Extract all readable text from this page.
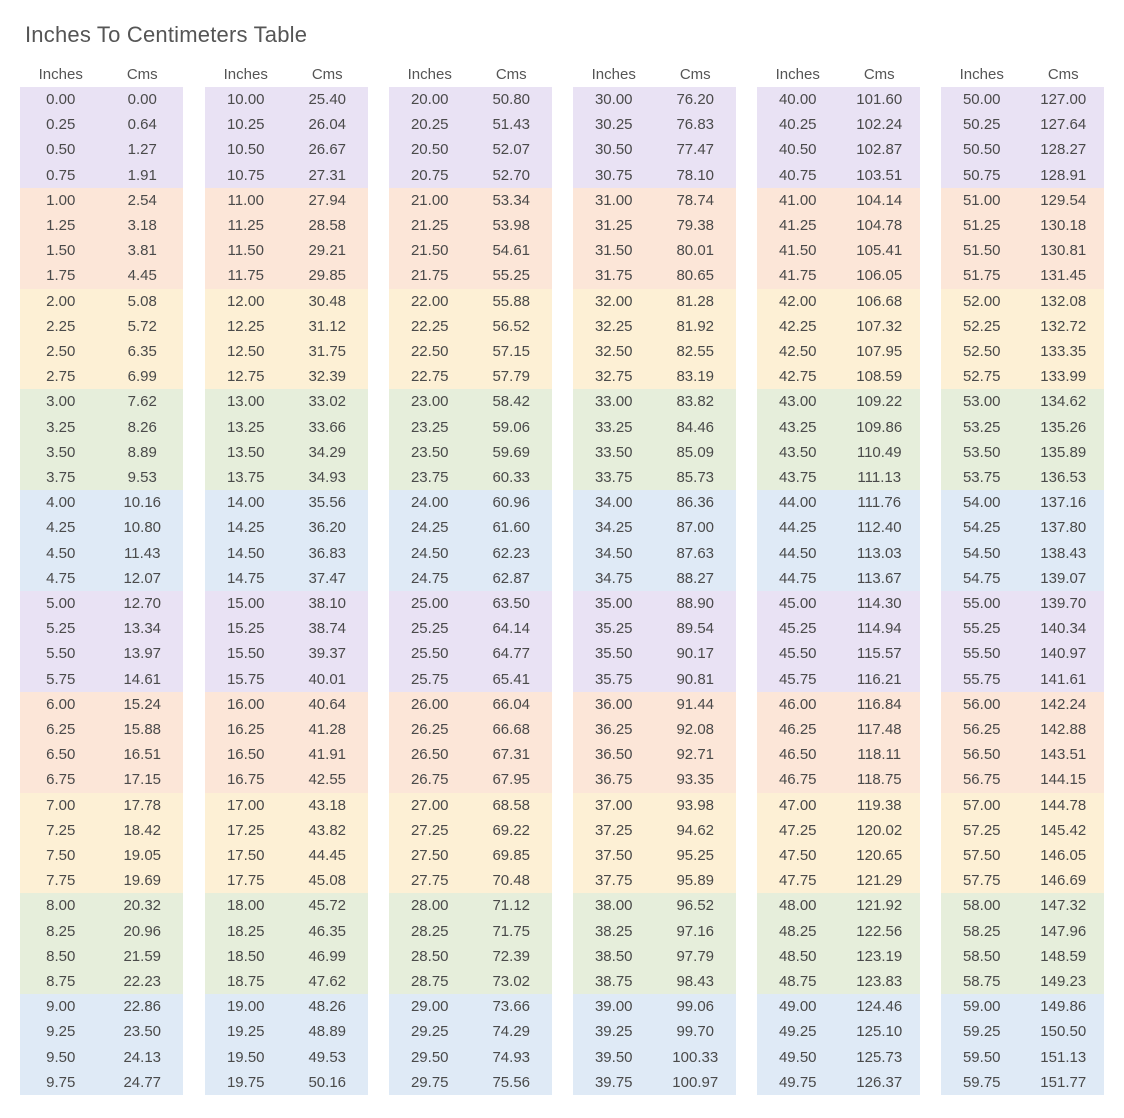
Inches To Centimeters Table
Inches	Cms
0.00	0.00
0.25	0.64
0.50	1.27
0.75	1.91
1.00	2.54
1.25	3.18
1.50	3.81
1.75	4.45
2.00	5.08
2.25	5.72
2.50	6.35
2.75	6.99
3.00	7.62
3.25	8.26
3.50	8.89
3.75	9.53
4.00	10.16
4.25	10.80
4.50	11.43
4.75	12.07
5.00	12.70
5.25	13.34
5.50	13.97
5.75	14.61
6.00	15.24
6.25	15.88
6.50	16.51
6.75	17.15
7.00	17.78
7.25	18.42
7.50	19.05
7.75	19.69
8.00	20.32
8.25	20.96
8.50	21.59
8.75	22.23
9.00	22.86
9.25	23.50
9.50	24.13
9.75	24.77
Inches	Cms
10.00	25.40
10.25	26.04
10.50	26.67
10.75	27.31
11.00	27.94
11.25	28.58
11.50	29.21
11.75	29.85
12.00	30.48
12.25	31.12
12.50	31.75
12.75	32.39
13.00	33.02
13.25	33.66
13.50	34.29
13.75	34.93
14.00	35.56
14.25	36.20
14.50	36.83
14.75	37.47
15.00	38.10
15.25	38.74
15.50	39.37
15.75	40.01
16.00	40.64
16.25	41.28
16.50	41.91
16.75	42.55
17.00	43.18
17.25	43.82
17.50	44.45
17.75	45.08
18.00	45.72
18.25	46.35
18.50	46.99
18.75	47.62
19.00	48.26
19.25	48.89
19.50	49.53
19.75	50.16
Inches	Cms
20.00	50.80
20.25	51.43
20.50	52.07
20.75	52.70
21.00	53.34
21.25	53.98
21.50	54.61
21.75	55.25
22.00	55.88
22.25	56.52
22.50	57.15
22.75	57.79
23.00	58.42
23.25	59.06
23.50	59.69
23.75	60.33
24.00	60.96
24.25	61.60
24.50	62.23
24.75	62.87
25.00	63.50
25.25	64.14
25.50	64.77
25.75	65.41
26.00	66.04
26.25	66.68
26.50	67.31
26.75	67.95
27.00	68.58
27.25	69.22
27.50	69.85
27.75	70.48
28.00	71.12
28.25	71.75
28.50	72.39
28.75	73.02
29.00	73.66
29.25	74.29
29.50	74.93
29.75	75.56
Inches	Cms
30.00	76.20
30.25	76.83
30.50	77.47
30.75	78.10
31.00	78.74
31.25	79.38
31.50	80.01
31.75	80.65
32.00	81.28
32.25	81.92
32.50	82.55
32.75	83.19
33.00	83.82
33.25	84.46
33.50	85.09
33.75	85.73
34.00	86.36
34.25	87.00
34.50	87.63
34.75	88.27
35.00	88.90
35.25	89.54
35.50	90.17
35.75	90.81
36.00	91.44
36.25	92.08
36.50	92.71
36.75	93.35
37.00	93.98
37.25	94.62
37.50	95.25
37.75	95.89
38.00	96.52
38.25	97.16
38.50	97.79
38.75	98.43
39.00	99.06
39.25	99.70
39.50	100.33
39.75	100.97
Inches	Cms
40.00	101.60
40.25	102.24
40.50	102.87
40.75	103.51
41.00	104.14
41.25	104.78
41.50	105.41
41.75	106.05
42.00	106.68
42.25	107.32
42.50	107.95
42.75	108.59
43.00	109.22
43.25	109.86
43.50	110.49
43.75	111.13
44.00	111.76
44.25	112.40
44.50	113.03
44.75	113.67
45.00	114.30
45.25	114.94
45.50	115.57
45.75	116.21
46.00	116.84
46.25	117.48
46.50	118.11
46.75	118.75
47.00	119.38
47.25	120.02
47.50	120.65
47.75	121.29
48.00	121.92
48.25	122.56
48.50	123.19
48.75	123.83
49.00	124.46
49.25	125.10
49.50	125.73
49.75	126.37
Inches	Cms
50.00	127.00
50.25	127.64
50.50	128.27
50.75	128.91
51.00	129.54
51.25	130.18
51.50	130.81
51.75	131.45
52.00	132.08
52.25	132.72
52.50	133.35
52.75	133.99
53.00	134.62
53.25	135.26
53.50	135.89
53.75	136.53
54.00	137.16
54.25	137.80
54.50	138.43
54.75	139.07
55.00	139.70
55.25	140.34
55.50	140.97
55.75	141.61
56.00	142.24
56.25	142.88
56.50	143.51
56.75	144.15
57.00	144.78
57.25	145.42
57.50	146.05
57.75	146.69
58.00	147.32
58.25	147.96
58.50	148.59
58.75	149.23
59.00	149.86
59.25	150.50
59.50	151.13
59.75	151.77
